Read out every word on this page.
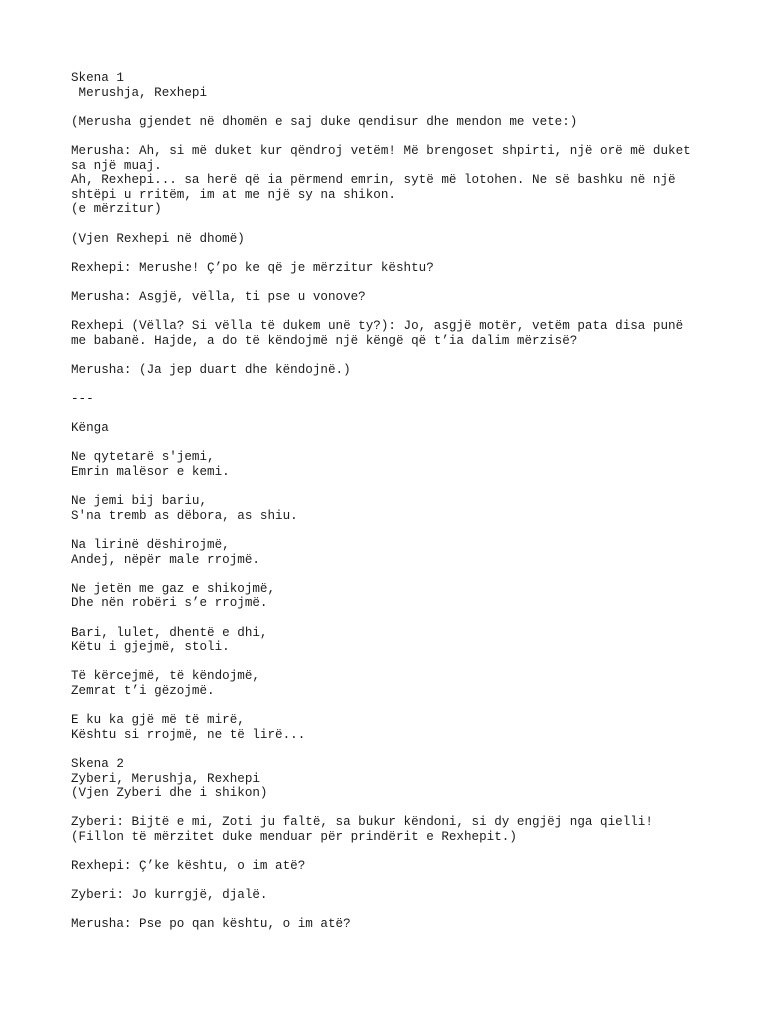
Skena 1
Merushja, Rexhepi
(Merusha gjendet në dhomën e saj duke qendisur dhe mendon me vete:)
Merusha: Ah, si më duket kur qëndroj vetëm! Më brengoset shpirti, një orë më duket
sa një muaj.
Ah, Rexhepi... sa herë që ia përmend emrin, sytë më lotohen. Ne së bashku në një
shtëpi u rritëm, im at me një sy na shikon.
(e mërzitur)
(Vjen Rexhepi në dhomë)
Rexhepi: Merushe! Ç’po ke që je mërzitur kështu?
Merusha: Asgjë, vëlla, ti pse u vonove?
Rexhepi (Vëlla? Si vëlla të dukem unë ty?): Jo, asgjë motër, vetëm pata disa punë
me babanë. Hajde, a do të këndojmë një këngë që t’ia dalim mërzisë?
Merusha: (Ja jep duart dhe këndojnë.)
---
Kënga
Ne qytetarë s'jemi,
Emrin malësor e kemi.
Ne jemi bij bariu,
S'na tremb as dëbora, as shiu.
Na lirinë dëshirojmë,
Andej, nëpër male rrojmë.
Ne jetën me gaz e shikojmë,
Dhe nën robëri s’e rrojmë.
Bari, lulet, dhentë e dhi,
Këtu i gjejmë, stoli.
Të kërcejmë, të këndojmë,
Zemrat t’i gëzojmë.
E ku ka gjë më të mirë,
Kështu si rrojmë, ne të lirë...
Skena 2
Zyberi, Merushja, Rexhepi
(Vjen Zyberi dhe i shikon)
Zyberi: Bijtë e mi, Zoti ju faltë, sa bukur këndoni, si dy engjëj nga qielli!
(Fillon të mërzitet duke menduar për prindërit e Rexhepit.)
Rexhepi: Ç’ke kështu, o im atë?
Zyberi: Jo kurrgjë, djalë.
Merusha: Pse po qan kështu, o im atë?
